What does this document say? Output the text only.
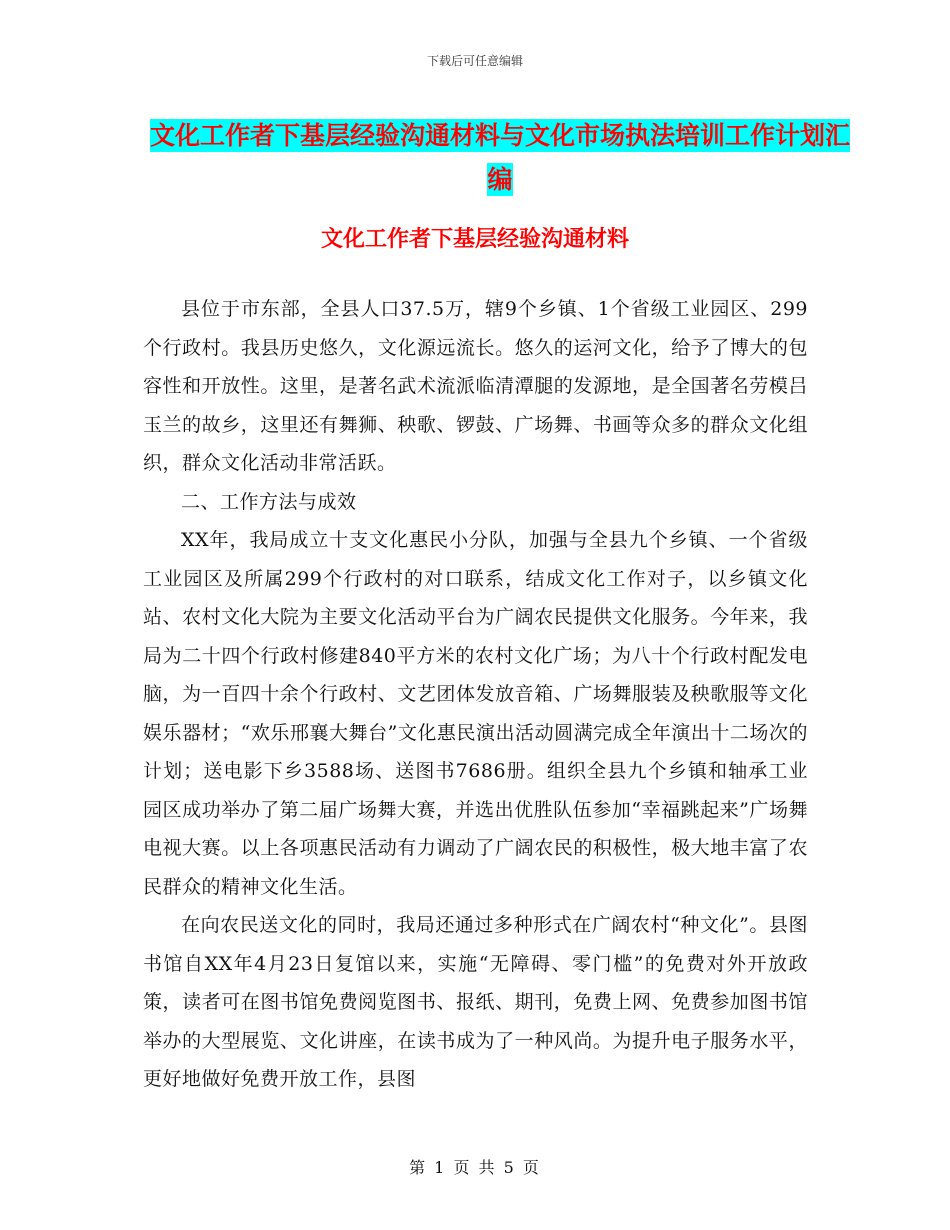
下载后可任意编辑
文化工作者下基层经验沟通材料与文化市场执法培训工作计划汇编
文化工作者下基层经验沟通材料

县位于市东部，全县人口37.5万，辖9个乡镇、1个省级工业园区、299个行政村。我县历史悠久，文化源远流长。悠久的运河文化，给予了博大的包容性和开放性。这里，是著名武术流派临清潭腿的发源地，是全国著名劳模吕玉兰的故乡，这里还有舞狮、秧歌、锣鼓、广场舞、书画等众多的群众文化组织，群众文化活动非常活跃。

二、工作方法与成效

XX年，我局成立十支文化惠民小分队，加强与全县九个乡镇、一个省级工业园区及所属299个行政村的对口联系，结成文化工作对子，以乡镇文化站、农村文化大院为主要文化活动平台为广阔农民提供文化服务。今年来，我局为二十四个行政村修建840平方米的农村文化广场；为八十个行政村配发电脑，为一百四十余个行政村、文艺团体发放音箱、广场舞服装及秧歌服等文化娱乐器材；“欢乐邢襄大舞台”文化惠民演出活动圆满完成全年演出十二场次的计划；送电影下乡3588场、送图书7686册。组织全县九个乡镇和轴承工业园区成功举办了第二届广场舞大赛，并选出优胜队伍参加“幸福跳起来”广场舞电视大赛。以上各项惠民活动有力调动了广阔农民的积极性，极大地丰富了农民群众的精神文化生活。

在向农民送文化的同时，我局还通过多种形式在广阔农村“种文化”。县图书馆自XX年4月23日复馆以来，实施“无障碍、零门槛”的免费对外开放政策，读者可在图书馆免费阅览图书、报纸、期刊，免费上网、免费参加图书馆举办的大型展览、文化讲座，在读书成为了一种风尚。为提升电子服务水平，更好地做好免费开放工作，县图

第 1 页 共 5 页
